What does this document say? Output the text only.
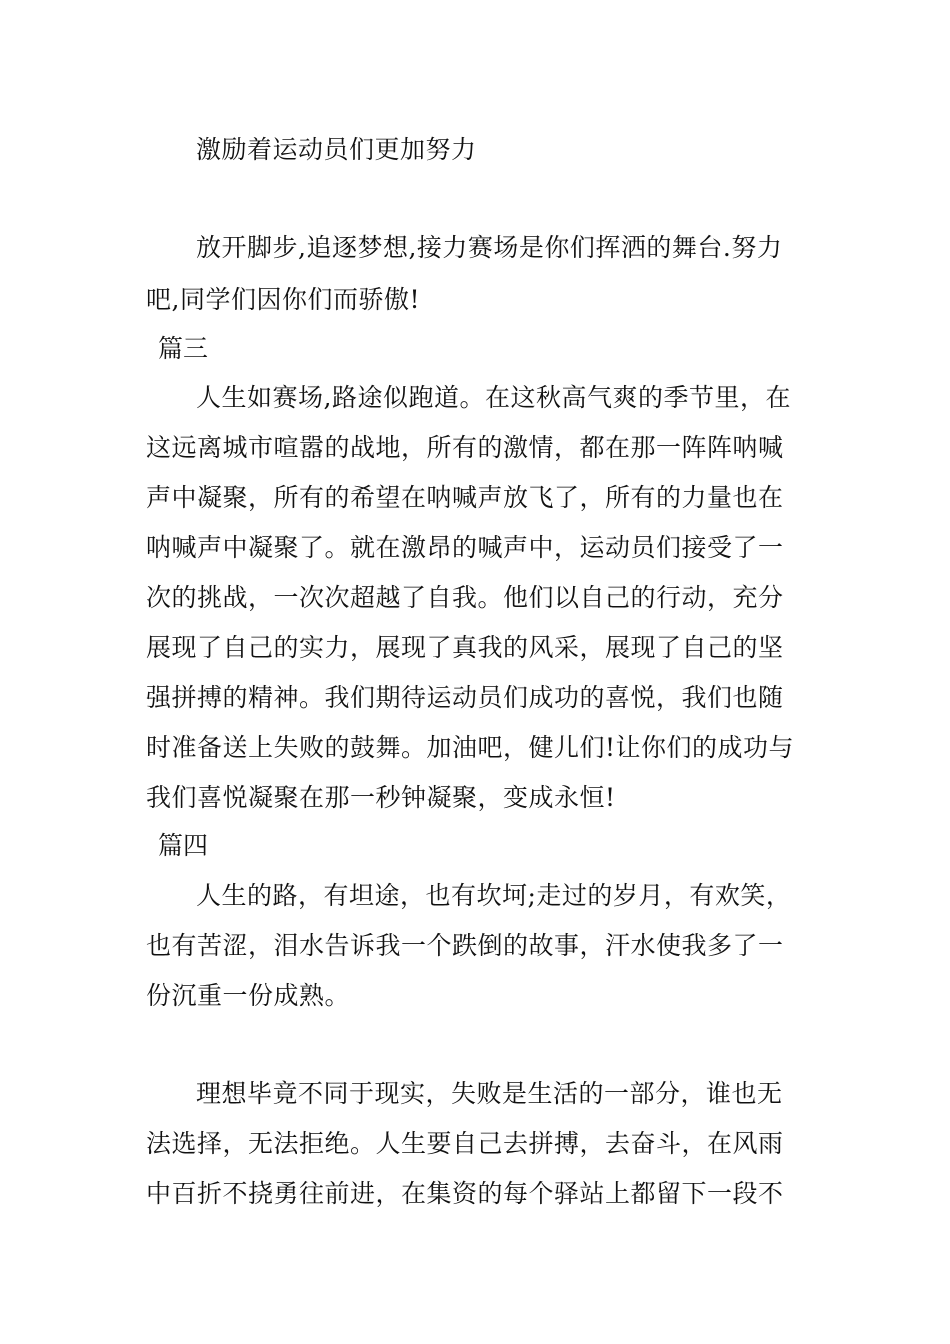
激励着运动员们更加努力
放开脚步,追逐梦想,接力赛场是你们挥洒的舞台.努力
吧,同学们因你们而骄傲!
篇三
人生如赛场,路途似跑道。在这秋高气爽的季节里，在
这远离城市喧嚣的战地，所有的激情，都在那一阵阵呐喊
声中凝聚，所有的希望在呐喊声放飞了，所有的力量也在
呐喊声中凝聚了。就在激昂的喊声中，运动员们接受了一
次的挑战，一次次超越了自我。他们以自己的行动，充分
展现了自己的实力，展现了真我的风采，展现了自己的坚
强拼搏的精神。我们期待运动员们成功的喜悦，我们也随
时准备送上失败的鼓舞。加油吧，健儿们!让你们的成功与
我们喜悦凝聚在那一秒钟凝聚，变成永恒!
篇四
人生的路，有坦途，也有坎坷;走过的岁月，有欢笑，
也有苦涩，泪水告诉我一个跌倒的故事，汗水使我多了一
份沉重一份成熟。
理想毕竟不同于现实，失败是生活的一部分，谁也无
法选择，无法拒绝。人生要自己去拼搏，去奋斗，在风雨
中百折不挠勇往前进，在集资的每个驿站上都留下一段不
